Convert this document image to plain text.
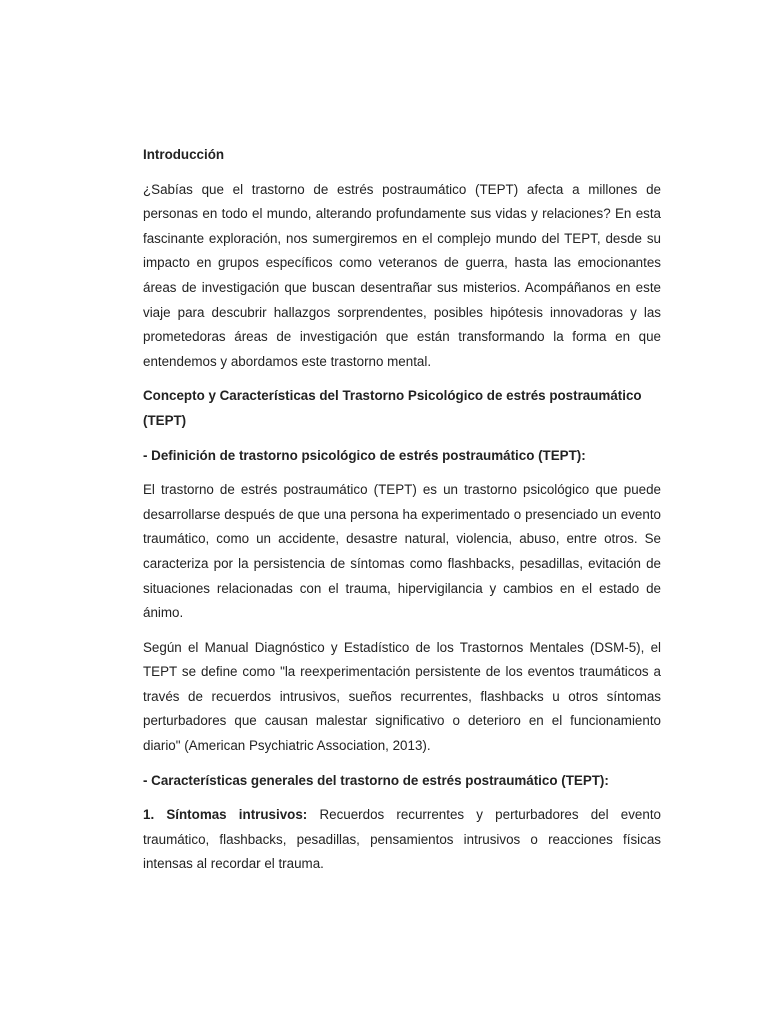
Introducción

¿Sabías que el trastorno de estrés postraumático (TEPT) afecta a millones de personas en todo el mundo, alterando profundamente sus vidas y relaciones? En esta fascinante exploración, nos sumergiremos en el complejo mundo del TEPT, desde su impacto en grupos específicos como veteranos de guerra, hasta las emocionantes áreas de investigación que buscan desentrañar sus misterios. Acompáñanos en este viaje para descubrir hallazgos sorprendentes, posibles hipótesis innovadoras y las prometedoras áreas de investigación que están transformando la forma en que entendemos y abordamos este trastorno mental.

Concepto y Características del Trastorno Psicológico de estrés postraumático (TEPT)

- Definición de trastorno psicológico de estrés postraumático (TEPT):

El trastorno de estrés postraumático (TEPT) es un trastorno psicológico que puede desarrollarse después de que una persona ha experimentado o presenciado un evento traumático, como un accidente, desastre natural, violencia, abuso, entre otros. Se caracteriza por la persistencia de síntomas como flashbacks, pesadillas, evitación de situaciones relacionadas con el trauma, hipervigilancia y cambios en el estado de ánimo.

Según el Manual Diagnóstico y Estadístico de los Trastornos Mentales (DSM-5), el TEPT se define como "la reexperimentación persistente de los eventos traumáticos a través de recuerdos intrusivos, sueños recurrentes, flashbacks u otros síntomas perturbadores que causan malestar significativo o deterioro en el funcionamiento diario" (American Psychiatric Association, 2013).

- Características generales del trastorno de estrés postraumático (TEPT):

1. Síntomas intrusivos: Recuerdos recurrentes y perturbadores del evento traumático, flashbacks, pesadillas, pensamientos intrusivos o reacciones físicas intensas al recordar el trauma.
